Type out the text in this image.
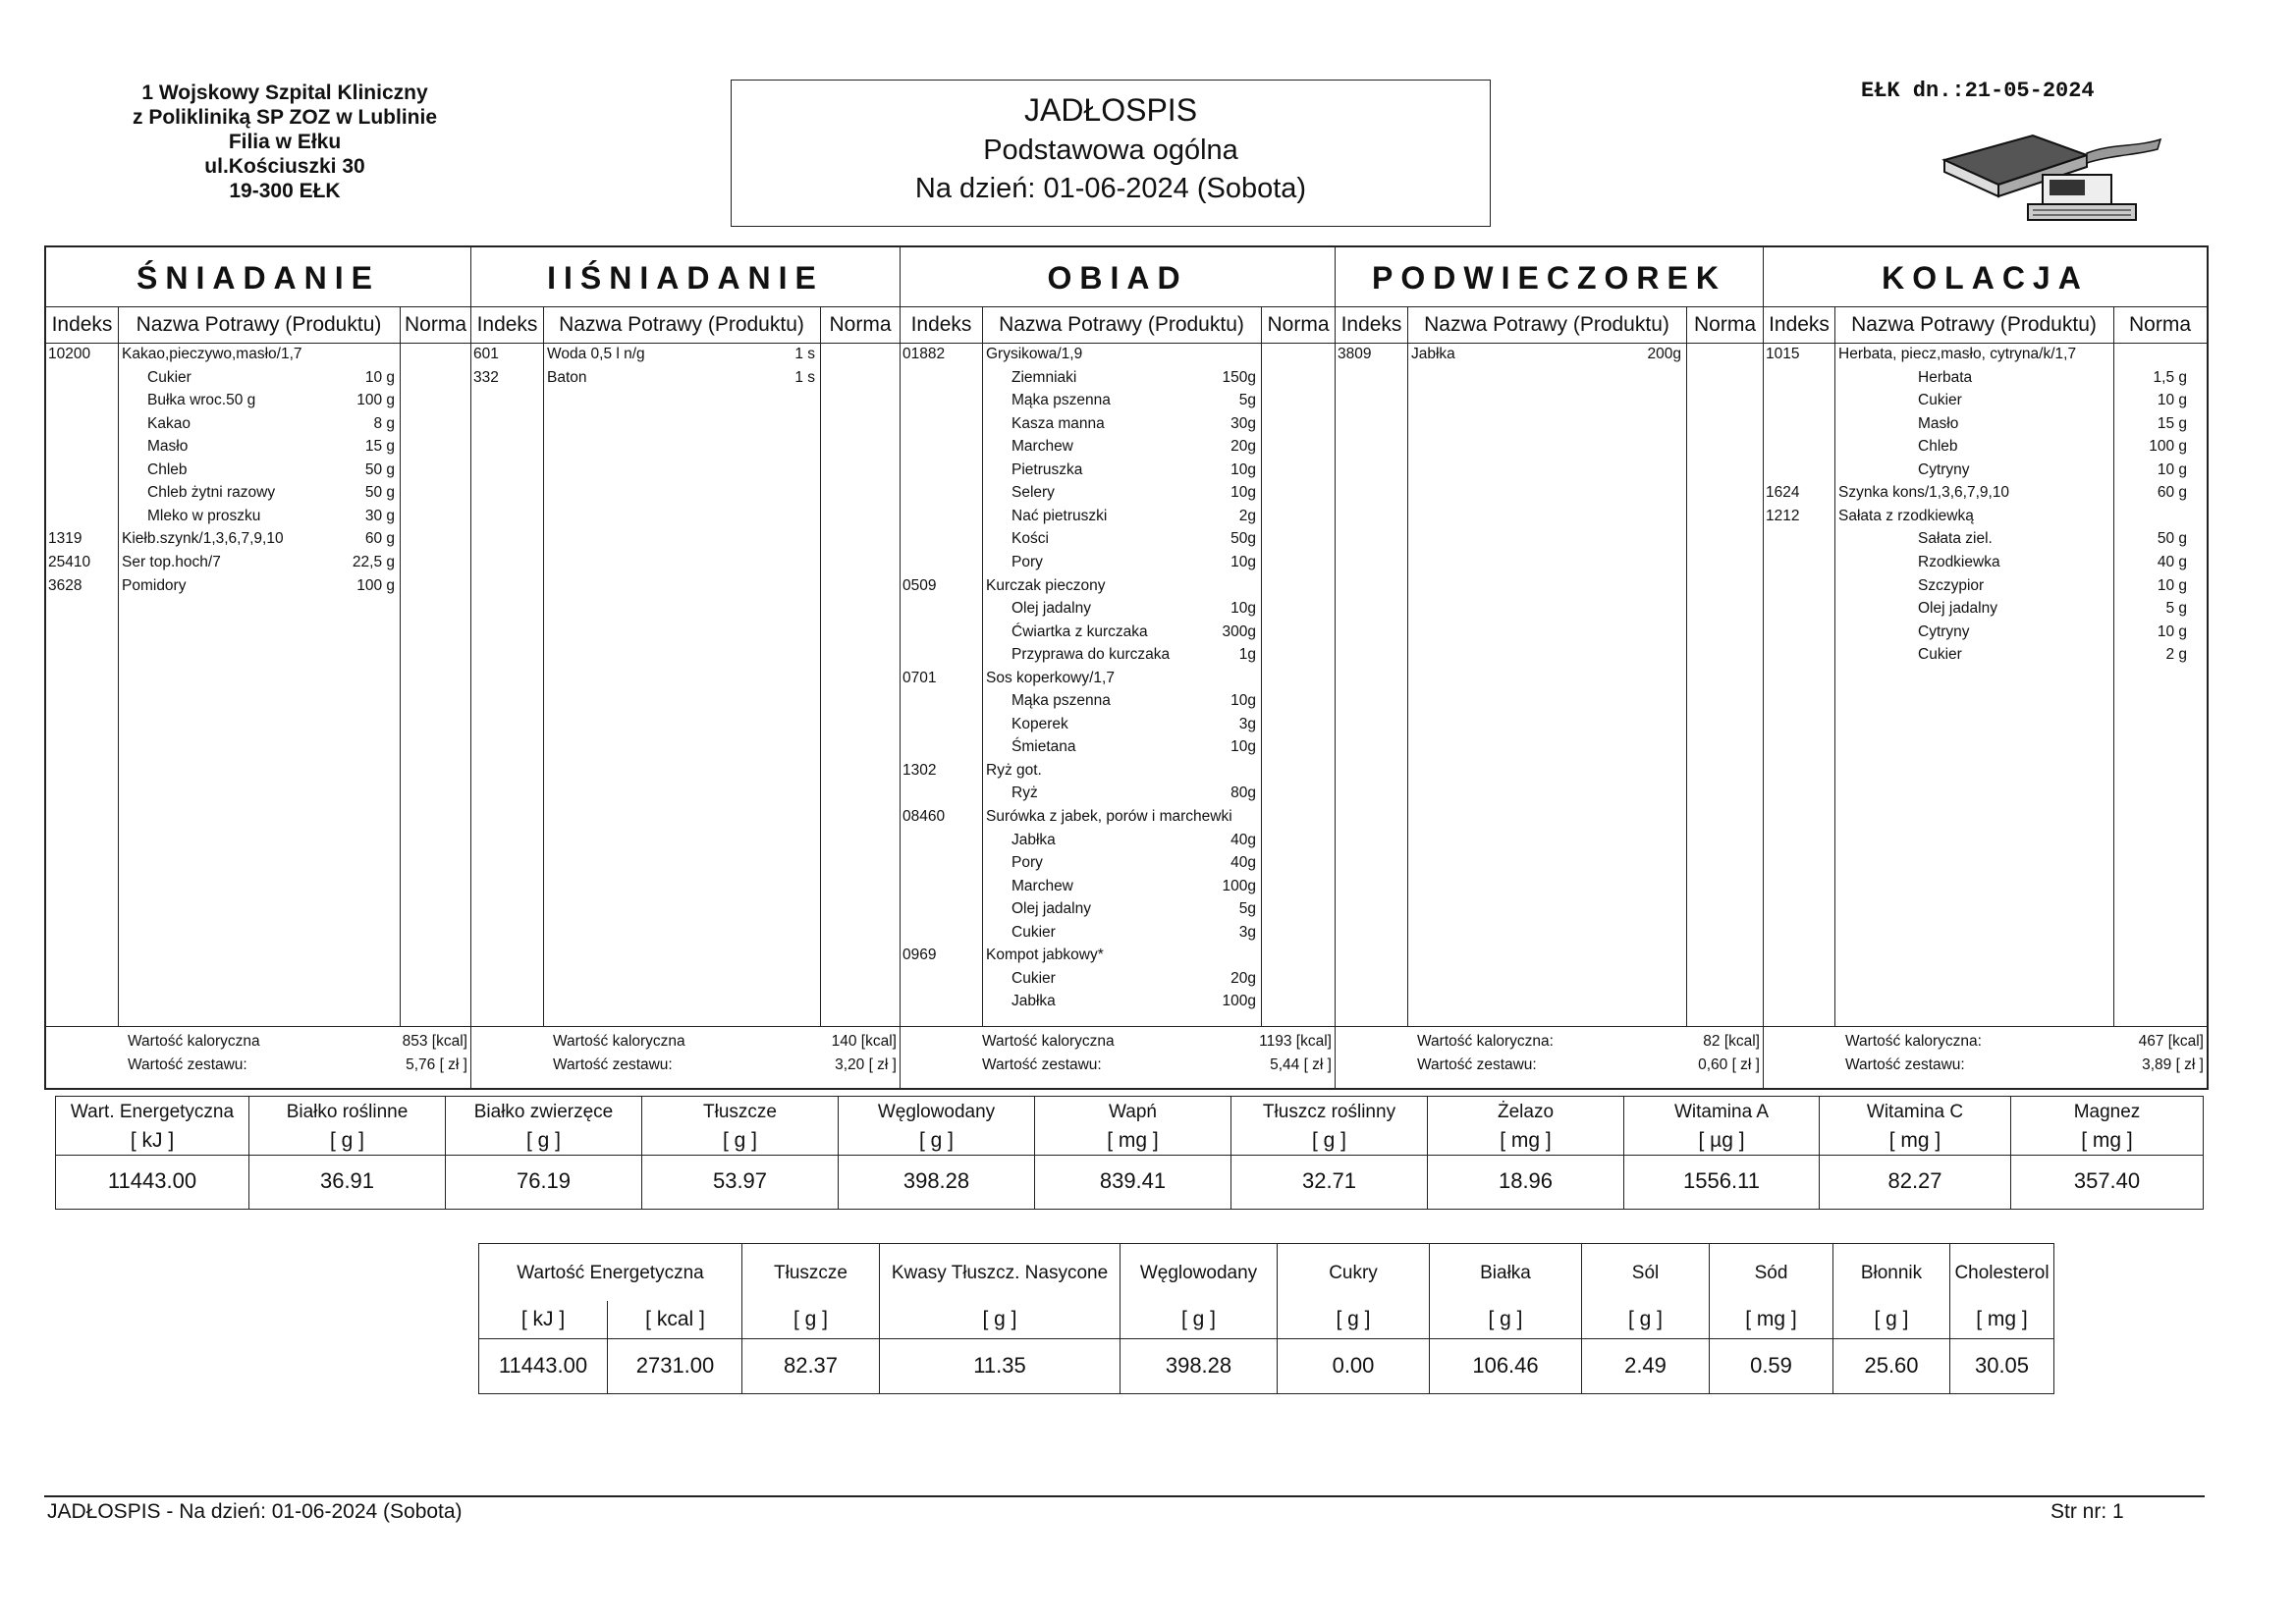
1 Wojskowy Szpital Kliniczny
z Polikliniką SP ZOZ w Lublinie
Filia w Ełku
ul.Kościuszki 30
19-300 EŁK
JADŁOSPIS
Podstawowa ogólna
Na dzień: 01-06-2024 (Sobota)
EŁK dn.:21-05-2024
ŚNIADANIE
Indeks	Nazwa Potrawy (Produktu)	Norma
10200 Kakao,pieczywo,masło/1,7
Cukier	10 g
Bułka wroc.50 g	100 g
Kakao	8 g
Masło	15 g
Chleb	50 g
Chleb żytni razowy	50 g
Mleko w proszku	30 g
1319	Kiełb.szynk/1,3,6,7,9,10	60 g
25410 Ser top.hoch/7	22,5 g
3628	Pomidory	100 g
Wartość kaloryczna	853 [kcal]
Wartość zestawu:	5,76 [ zł ]
IIŚNIADANIE
Indeks	Nazwa Potrawy (Produktu)	Norma
601	Woda 0,5 l n/g	1 s
332	Baton	1 s
Wartość kaloryczna	140 [kcal]
Wartość zestawu:	3,20 [ zł ]
OBIAD
Indeks	Nazwa Potrawy (Produktu)	Norma
01882	Grysikowa/1,9
Ziemniaki	150g
Mąka pszenna	5g
Kasza manna	30g
Marchew	20g
Pietruszka	10g
Selery	10g
Nać pietruszki	2g
Kości	50g
Pory	10g
0509	Kurczak pieczony
Olej jadalny	10g
Ćwiartka z kurczaka	300g
Przyprawa do kurczaka	1g
0701	Sos koperkowy/1,7
Mąka pszenna	10g
Koperek	3g
Śmietana	10g
1302	Ryż got.
Ryż	80g
08460	Surówka z jabek, porów i marchewki
Jabłka	40g
Pory	40g
Marchew	100g
Olej jadalny	5g
Cukier	3g
0969	Kompot jabkowy*
Cukier	20g
Jabłka	100g
Wartość kaloryczna	1193 [kcal]
Wartość zestawu:	5,44 [ zł ]
PODWIECZOREK
Indeks	Nazwa Potrawy (Produktu)	Norma
3809	Jabłka	200g
Wartość kaloryczna:	82 [kcal]
Wartość zestawu:	0,60 [ zł ]
KOLACJA
Indeks	Nazwa Potrawy (Produktu)	Norma
1015	Herbata, piecz,masło, cytryna/k/1,7
Herbata	1,5 g
Cukier	10 g
Masło	15 g
Chleb	100 g
Cytryny	10 g
1624	Szynka kons/1,3,6,7,9,10	60 g
1212	Sałata z rzodkiewką
Sałata ziel.	50 g
Rzodkiewka	40 g
Szczypior	10 g
Olej jadalny	5 g
Cytryny	10 g
Cukier	2 g
Wartość kaloryczna:	467 [kcal]
Wartość zestawu:	3,89 [ zł ]
Wart. Energetyczna
[ kJ ]
11443.00
Białko roślinne
[ g ]
36.91
Białko zwierzęce
[ g ]
76.19
Tłuszcze
[ g ]
53.97
Węglowodany
[ g ]
398.28
Wapń
[ mg ]
839.41
Tłuszcz roślinny
[ g ]
32.71
Żelazo
[ mg ]
18.96
Witamina A
[ µg ]
1556.11
Witamina C
[ mg ]
82.27
Magnez
[ mg ]
357.40
Wartość Energetyczna
[ kJ ]
11443.00
[ kcal ]
2731.00
Tłuszcze
[ g ]
82.37
Kwasy Tłuszcz. Nasycone
[ g ]
11.35
Węglowodany
[ g ]
398.28
Cukry
[ g ]
0.00
Białka
[ g ]
106.46
Sól
[ g ]
2.49
Sód
[ mg ]
0.59
Błonnik
[ g ]
25.60
Cholesterol
[ mg ]
30.05
JADŁOSPIS - Na dzień: 01-06-2024 (Sobota)	Str nr: 1
